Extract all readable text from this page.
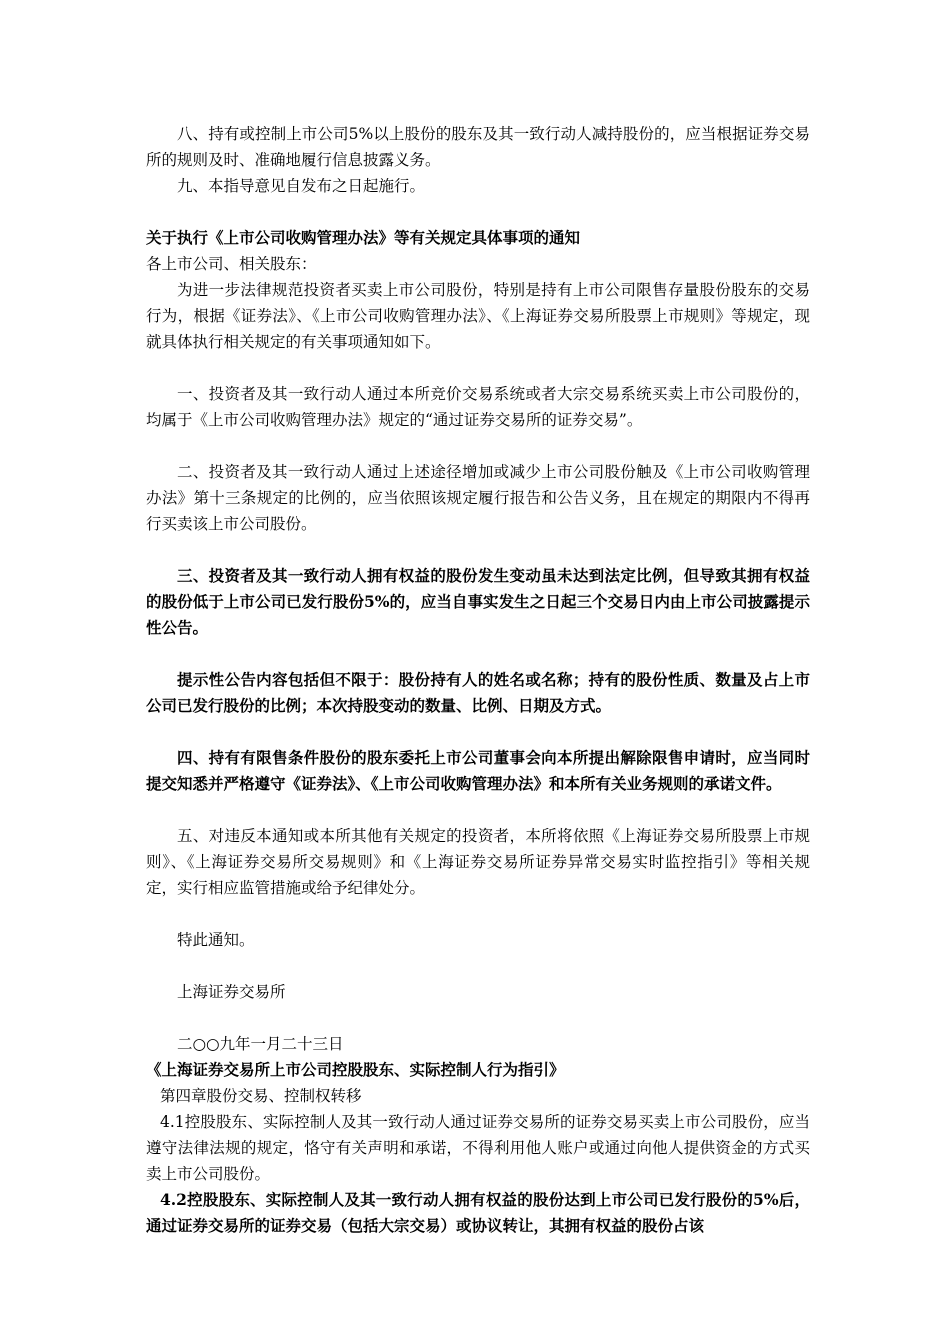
八、持有或控制上市公司5%以上股份的股东及其一致行动人减持股份的，应当根据证券交易所的规则及时、准确地履行信息披露义务。

九、本指导意见自发布之日起施行。

关于执行《上市公司收购管理办法》等有关规定具体事项的通知

各上市公司、相关股东：

为进一步法律规范投资者买卖上市公司股份，特别是持有上市公司限售存量股份股东的交易行为，根据《证券法》、《上市公司收购管理办法》、《上海证券交易所股票上市规则》等规定，现就具体执行相关规定的有关事项通知如下。

一、投资者及其一致行动人通过本所竞价交易系统或者大宗交易系统买卖上市公司股份的，均属于《上市公司收购管理办法》规定的“通过证券交易所的证券交易”。

二、投资者及其一致行动人通过上述途径增加或减少上市公司股份触及《上市公司收购管理办法》第十三条规定的比例的，应当依照该规定履行报告和公告义务，且在规定的期限内不得再行买卖该上市公司股份。

三、投资者及其一致行动人拥有权益的股份发生变动虽未达到法定比例，但导致其拥有权益的股份低于上市公司已发行股份5%的，应当自事实发生之日起三个交易日内由上市公司披露提示性公告。

提示性公告内容包括但不限于：股份持有人的姓名或名称；持有的股份性质、数量及占上市公司已发行股份的比例；本次持股变动的数量、比例、日期及方式。

四、持有有限售条件股份的股东委托上市公司董事会向本所提出解除限售申请时，应当同时提交知悉并严格遵守《证券法》、《上市公司收购管理办法》和本所有关业务规则的承诺文件。

五、对违反本通知或本所其他有关规定的投资者，本所将依照《上海证券交易所股票上市规则》、《上海证券交易所交易规则》和《上海证券交易所证券异常交易实时监控指引》等相关规定，实行相应监管措施或给予纪律处分。

特此通知。

上海证券交易所

二○○九年一月二十三日

《上海证券交易所上市公司控股股东、实际控制人行为指引》

第四章股份交易、控制权转移

4.1控股股东、实际控制人及其一致行动人通过证券交易所的证券交易买卖上市公司股份，应当遵守法律法规的规定，恪守有关声明和承诺，不得利用他人账户或通过向他人提供资金的方式买卖上市公司股份。

4.2控股股东、实际控制人及其一致行动人拥有权益的股份达到上市公司已发行股份的5%后，通过证券交易所的证券交易（包括大宗交易）或协议转让，其拥有权益的股份占该
